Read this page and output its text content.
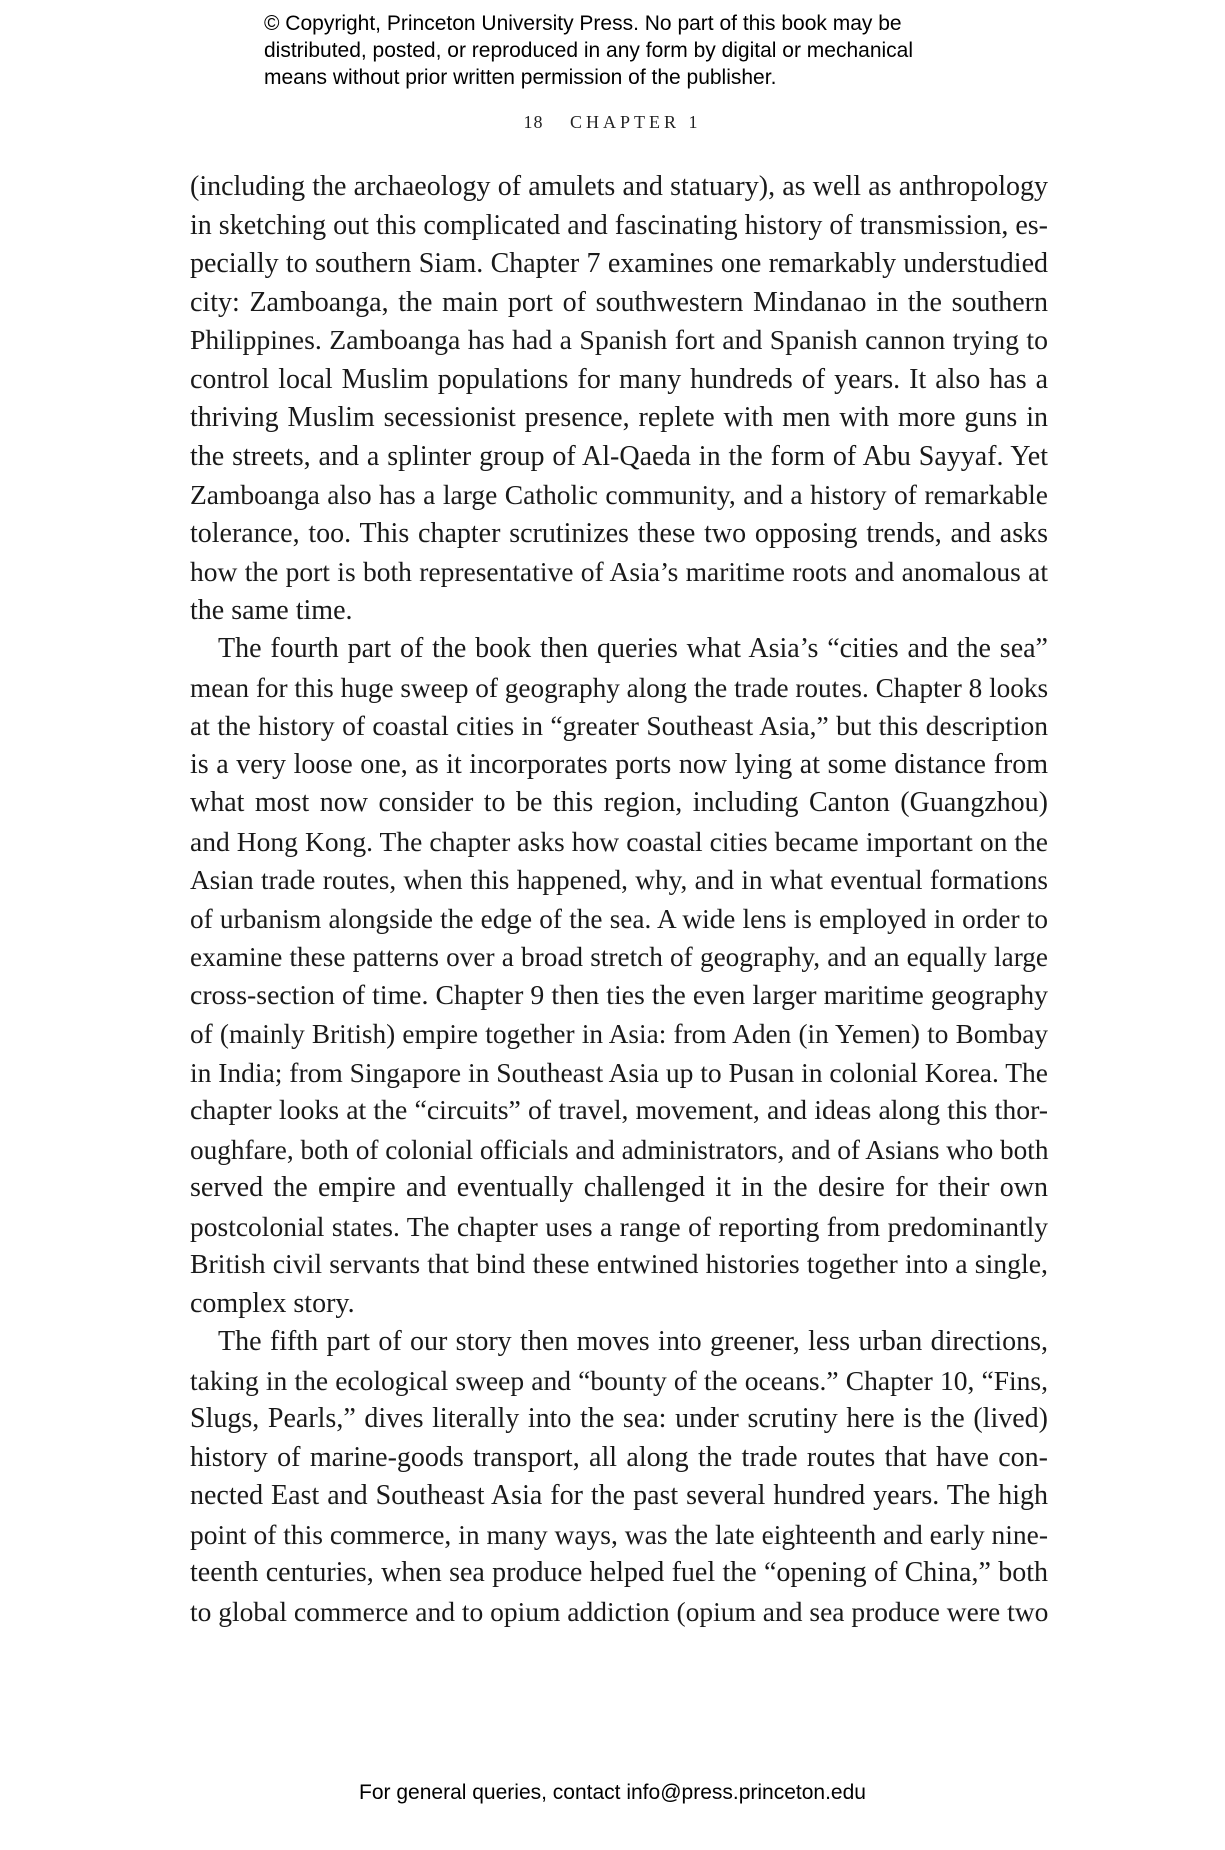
© Copyright, Princeton University Press. No part of this book may be
distributed, posted, or reproduced in any form by digital or mechanical
means without prior written permission of the publisher.
18 CHAPTER 1
(including the archaeology of amulets and statuary), as well as anthropology
in sketching out this complicated and fascinating history of transmission, es-
pecially to southern Siam. Chapter 7 examines one remarkably understudied
city: Zamboanga, the main port of southwestern Mindanao in the southern
Philippines. Zamboanga has had a Spanish fort and Spanish cannon trying to
control local Muslim populations for many hundreds of years. It also has a
thriving Muslim secessionist presence, replete with men with more guns in
the streets, and a splinter group of Al-Qaeda in the form of Abu Sayyaf. Yet
Zamboanga also has a large Catholic community, and a history of remarkable
tolerance, too. This chapter scrutinizes these two opposing trends, and asks
how the port is both representative of Asia’s maritime roots and anomalous at
the same time.
The fourth part of the book then queries what Asia’s “cities and the sea”
mean for this huge sweep of geography along the trade routes. Chapter 8 looks
at the history of coastal cities in “greater Southeast Asia,” but this description
is a very loose one, as it incorporates ports now lying at some distance from
what most now consider to be this region, including Canton (Guangzhou)
and Hong Kong. The chapter asks how coastal cities became important on the
Asian trade routes, when this happened, why, and in what eventual formations
of urbanism alongside the edge of the sea. A wide lens is employed in order to
examine these patterns over a broad stretch of geography, and an equally large
cross-section of time. Chapter 9 then ties the even larger maritime geography
of (mainly British) empire together in Asia: from Aden (in Yemen) to Bombay
in India; from Singapore in Southeast Asia up to Pusan in colonial Korea. The
chapter looks at the “circuits” of travel, movement, and ideas along this thor-
oughfare, both of colonial officials and administrators, and of Asians who both
served the empire and eventually challenged it in the desire for their own
postcolonial states. The chapter uses a range of reporting from predominantly
British civil servants that bind these entwined histories together into a single,
complex story.
The fifth part of our story then moves into greener, less urban directions,
taking in the ecological sweep and “bounty of the oceans.” Chapter 10, “Fins,
Slugs, Pearls,” dives literally into the sea: under scrutiny here is the (lived)
history of marine-goods transport, all along the trade routes that have con-
nected East and Southeast Asia for the past several hundred years. The high
point of this commerce, in many ways, was the late eighteenth and early nine-
teenth centuries, when sea produce helped fuel the “opening of China,” both
to global commerce and to opium addiction (opium and sea produce were two
For general queries, contact info@press.princeton.edu
